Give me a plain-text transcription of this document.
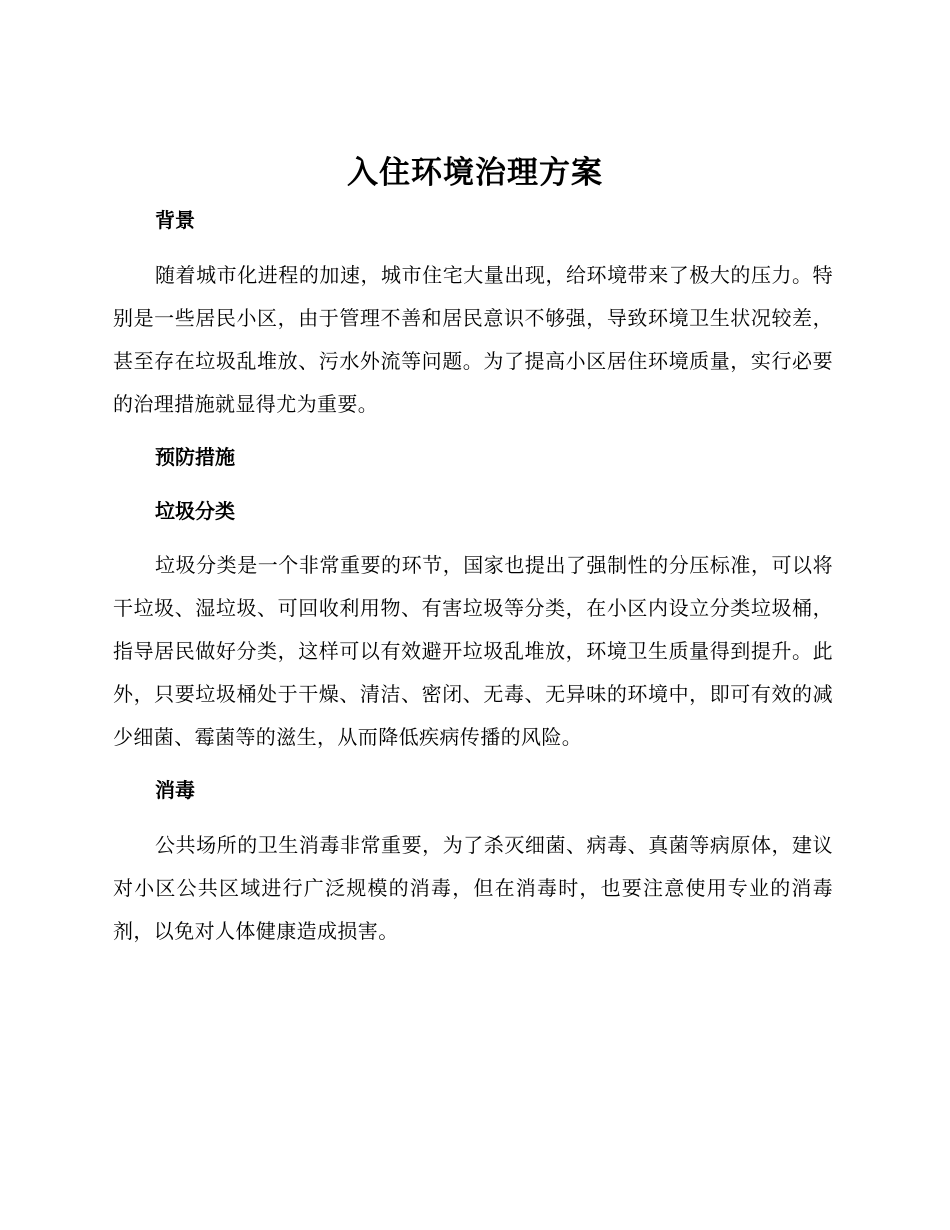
入住环境治理方案
背景
随着城市化进程的加速，城市住宅大量出现，给环境带来了极大的压力。特别是一些居民小区，由于管理不善和居民意识不够强，导致环境卫生状况较差，甚至存在垃圾乱堆放、污水外流等问题。为了提高小区居住环境质量，实行必要的治理措施就显得尤为重要。
预防措施
垃圾分类
垃圾分类是一个非常重要的环节，国家也提出了强制性的分压标准，可以将干垃圾、湿垃圾、可回收利用物、有害垃圾等分类，在小区内设立分类垃圾桶，指导居民做好分类，这样可以有效避开垃圾乱堆放，环境卫生质量得到提升。此外，只要垃圾桶处于干燥、清洁、密闭、无毒、无异味的环境中，即可有效的减少细菌、霉菌等的滋生，从而降低疾病传播的风险。
消毒
公共场所的卫生消毒非常重要，为了杀灭细菌、病毒、真菌等病原体，建议对小区公共区域进行广泛规模的消毒，但在消毒时，也要注意使用专业的消毒剂，以免对人体健康造成损害。
